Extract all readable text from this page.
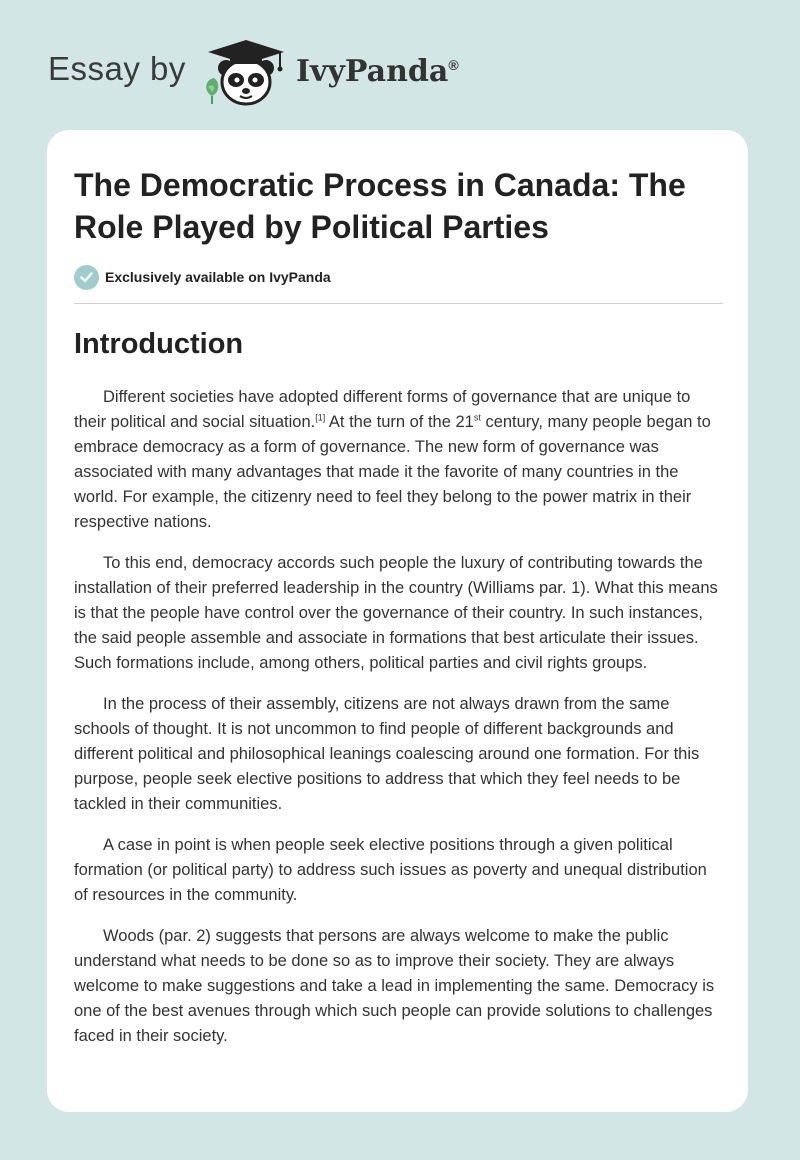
Essay by	IvyPanda®
The Democratic Process in Canada: The Role Played by Political Parties
Exclusively available on IvyPanda
Introduction

Different societies have adopted different forms of governance that are unique to their political and social situation.[1] At the turn of the 21st century, many people began to embrace democracy as a form of governance. The new form of governance was associated with many advantages that made it the favorite of many countries in the world. For example, the citizenry need to feel they belong to the power matrix in their respective nations.

To this end, democracy accords such people the luxury of contributing towards the installation of their preferred leadership in the country (Williams par. 1). What this means is that the people have control over the governance of their country. In such instances, the said people assemble and associate in formations that best articulate their issues. Such formations include, among others, political parties and civil rights groups.

In the process of their assembly, citizens are not always drawn from the same schools of thought. It is not uncommon to find people of different backgrounds and different political and philosophical leanings coalescing around one formation. For this purpose, people seek elective positions to address that which they feel needs to be tackled in their communities.

A case in point is when people seek elective positions through a given political formation (or political party) to address such issues as poverty and unequal distribution of resources in the community.

Woods (par. 2) suggests that persons are always welcome to make the public understand what needs to be done so as to improve their society. They are always welcome to make suggestions and take a lead in implementing the same. Democracy is one of the best avenues through which such people can provide solutions to challenges faced in their society.
